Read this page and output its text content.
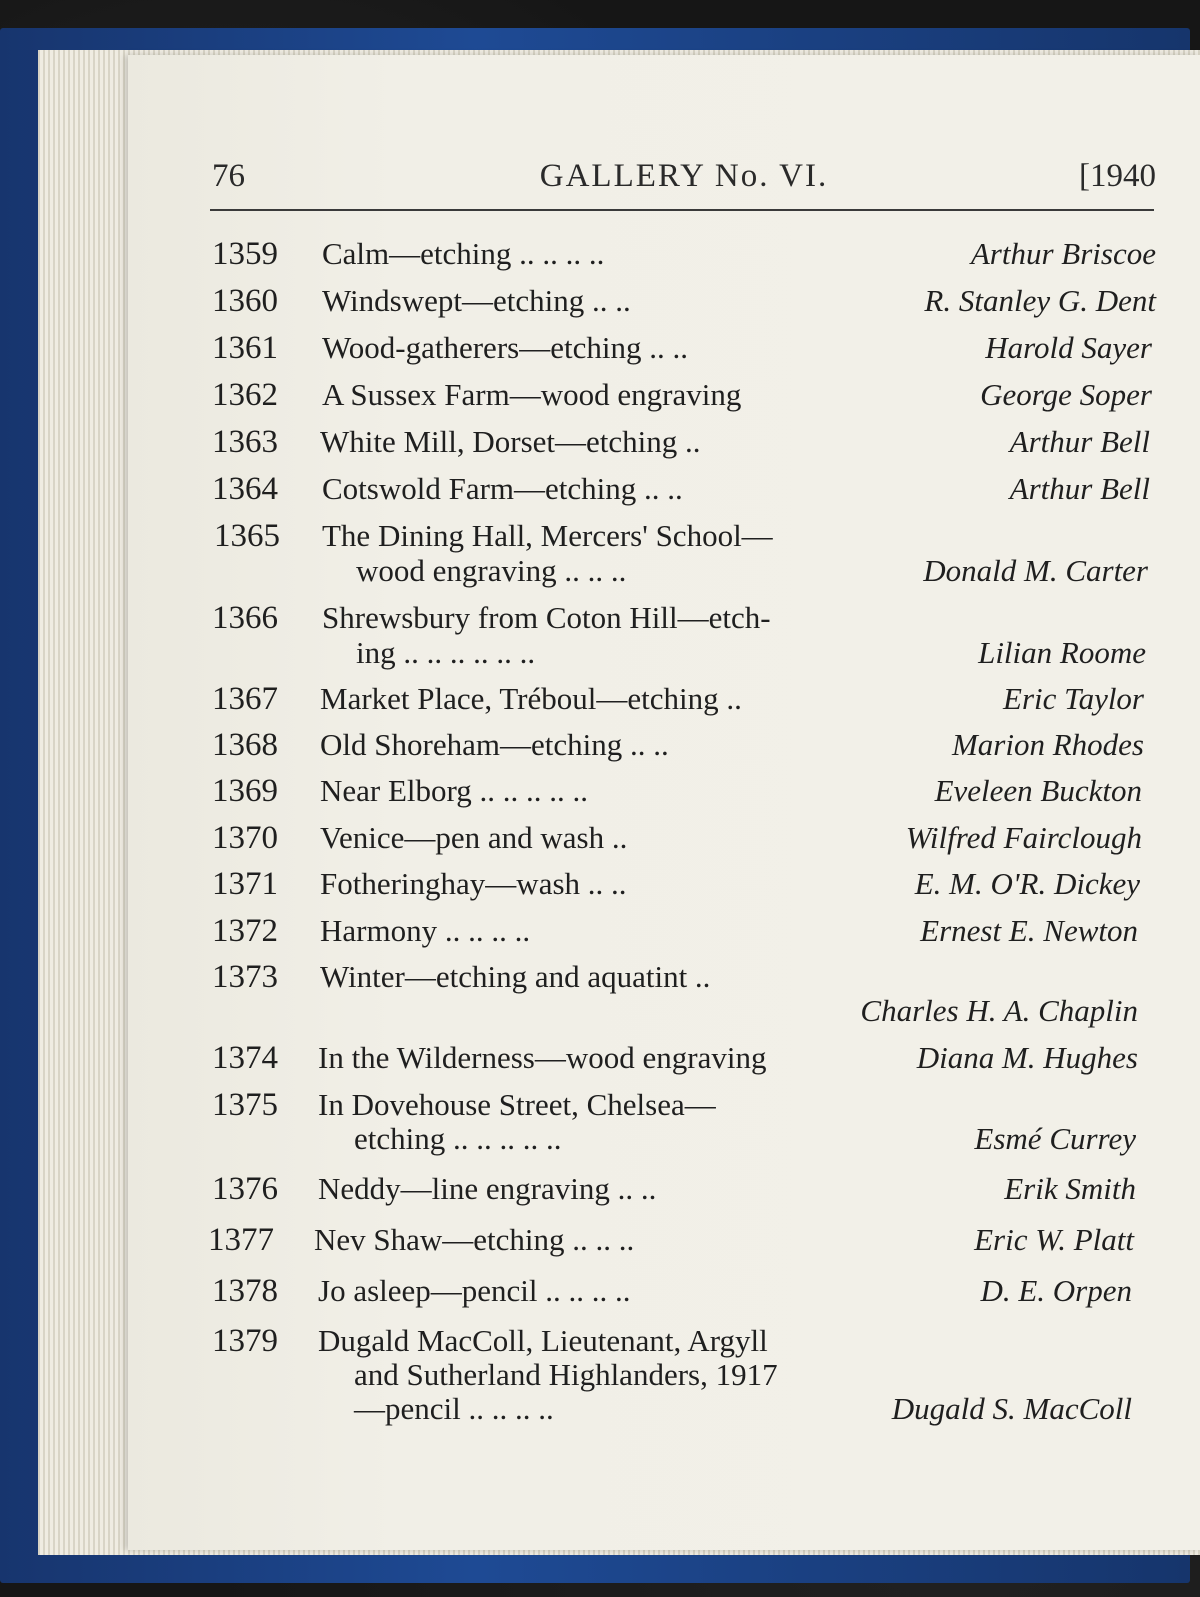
76	GALLERY No. VI.	[1940
1359 Calm—etching .. .. .. ..	Arthur Briscoe
1360 Windswept—etching .. ..	R. Stanley G. Dent
1361 Wood-gatherers—etching .. ..	Harold Sayer
1362 A Sussex Farm—wood engraving	George Soper
1363 White Mill, Dorset—etching ..	Arthur Bell
1364 Cotswold Farm—etching .. ..	Arthur Bell
1365 The Dining Hall, Mercers' School—
wood engraving .. .. ..	Donald M. Carter
1366 Shrewsbury from Coton Hill—etch-
ing .. .. .. .. .. ..	Lilian Roome
1367 Market Place, Tréboul—etching ..	Eric Taylor
1368 Old Shoreham—etching .. ..	Marion Rhodes
1369 Near Elborg .. .. .. .. ..	Eveleen Buckton
1370 Venice—pen and wash ..	Wilfred Fairclough
1371 Fotheringhay—wash .. ..	E. M. O'R. Dickey
1372 Harmony .. .. .. ..	Ernest E. Newton
1373 Winter—etching and aquatint ..
Charles H. A. Chaplin
1374 In the Wilderness—wood engraving	Diana M. Hughes
1375 In Dovehouse Street, Chelsea—
etching .. .. .. .. ..	Esmé Currey
1376 Neddy—line engraving .. ..	Erik Smith
1377 Nev Shaw—etching .. .. ..	Eric W. Platt
1378 Jo asleep—pencil .. .. .. ..	D. E. Orpen
1379 Dugald MacColl, Lieutenant, Argyll
and Sutherland Highlanders, 1917
—pencil .. .. .. ..	Dugald S. MacColl
